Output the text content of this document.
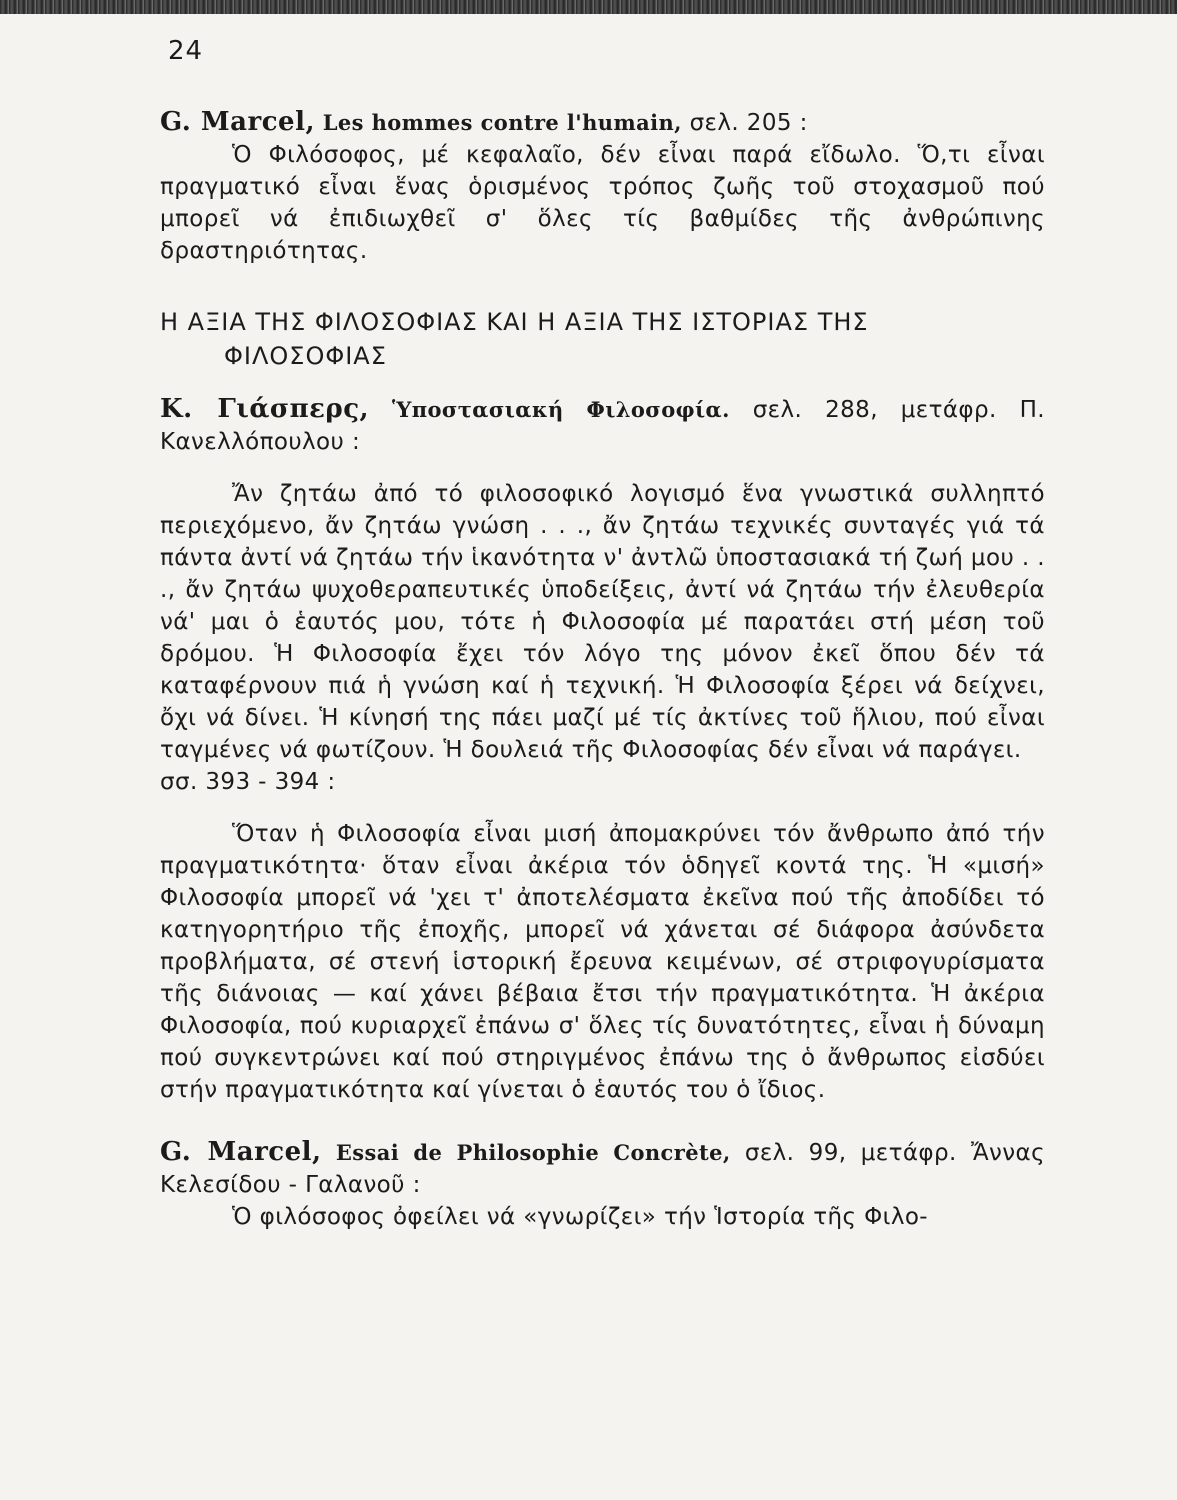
24

G. Marcel, Les hommes contre l'humain, σελ. 205 :

Ὁ Φιλόσοφος, μέ κεφαλαῖο, δέν εἶναι παρά εἴδωλο. Ὅ,τι εἶναι πραγματικό εἶναι ἕνας ὁρισμένος τρόπος ζωῆς τοῦ στοχασμοῦ πού μπορεῖ νά ἐπιδιωχθεῖ σ' ὅλες τίς βαθμίδες τῆς ἀνθρώπινης δραστηριότητας.

Η ΑΞΙΑ ΤΗΣ ΦΙΛΟΣΟΦΙΑΣ ΚΑΙ Η ΑΞΙΑ ΤΗΣ ΙΣΤΟΡΙΑΣ ΤΗΣ
ΦΙΛΟΣΟΦΙΑΣ

Κ. Γιάσπερς, Ὑποστασιακή Φιλοσοφία. σελ. 288, μετάφρ. Π. Κανελλόπουλου :

Ἄν ζητάω ἀπό τό φιλοσοφικό λογισμό ἕνα γνωστικά συλληπτό περιεχόμενο, ἄν ζητάω γνώση . . ., ἄν ζητάω τεχνικές συνταγές γιά τά πάντα ἀντί νά ζητάω τήν ἱκανότητα ν' ἀντλῶ ὑποστασιακά τή ζωή μου . . ., ἄν ζητάω ψυχοθεραπευτικές ὑποδείξεις, ἀντί νά ζητάω τήν ἐλευθερία νά' μαι ὁ ἑαυτός μου, τότε ἡ Φιλοσοφία μέ παρατάει στή μέση τοῦ δρόμου. Ἡ Φιλοσοφία ἔχει τόν λόγο της μόνον ἐκεῖ ὅπου δέν τά καταφέρνουν πιά ἡ γνώση καί ἡ τεχνική. Ἡ Φιλοσοφία ξέρει νά δείχνει, ὄχι νά δίνει. Ἡ κίνησή της πάει μαζί μέ τίς ἀκτίνες τοῦ ἥλιου, πού εἶναι ταγμένες νά φωτίζουν. Ἡ δουλειά τῆς Φιλοσοφίας δέν εἶναι νά παράγει.

σσ. 393 - 394 :

Ὅταν ἡ Φιλοσοφία εἶναι μισή ἀπομακρύνει τόν ἄνθρωπο ἀπό τήν πραγματικότητα· ὅταν εἶναι ἀκέρια τόν ὁδηγεῖ κοντά της. Ἡ «μισή» Φιλοσοφία μπορεῖ νά 'χει τ' ἀποτελέσματα ἐκεῖνα πού τῆς ἀποδίδει τό κατηγορητήριο τῆς ἐποχῆς, μπορεῖ νά χάνεται σέ διάφορα ἀσύνδετα προβλήματα, σέ στενή ἱστορική ἔρευνα κειμένων, σέ στριφογυρίσματα τῆς διάνοιας — καί χάνει βέβαια ἔτσι τήν πραγματικότητα. Ἡ ἀκέρια Φιλοσοφία, πού κυριαρχεῖ ἐπάνω σ' ὅλες τίς δυνατότητες, εἶναι ἡ δύναμη πού συγκεντρώνει καί πού στηριγμένος ἐπάνω της ὁ ἄνθρωπος εἰσδύει στήν πραγματικότητα καί γίνεται ὁ ἑαυτός του ὁ ἴδιος.

G. Marcel, Essai de Philosophie Concrète, σελ. 99, μετάφρ. Ἄννας Κελεσίδου - Γαλανοῦ :

Ὁ φιλόσοφος ὀφείλει νά «γνωρίζει» τήν Ἱστορία τῆς Φιλο-
